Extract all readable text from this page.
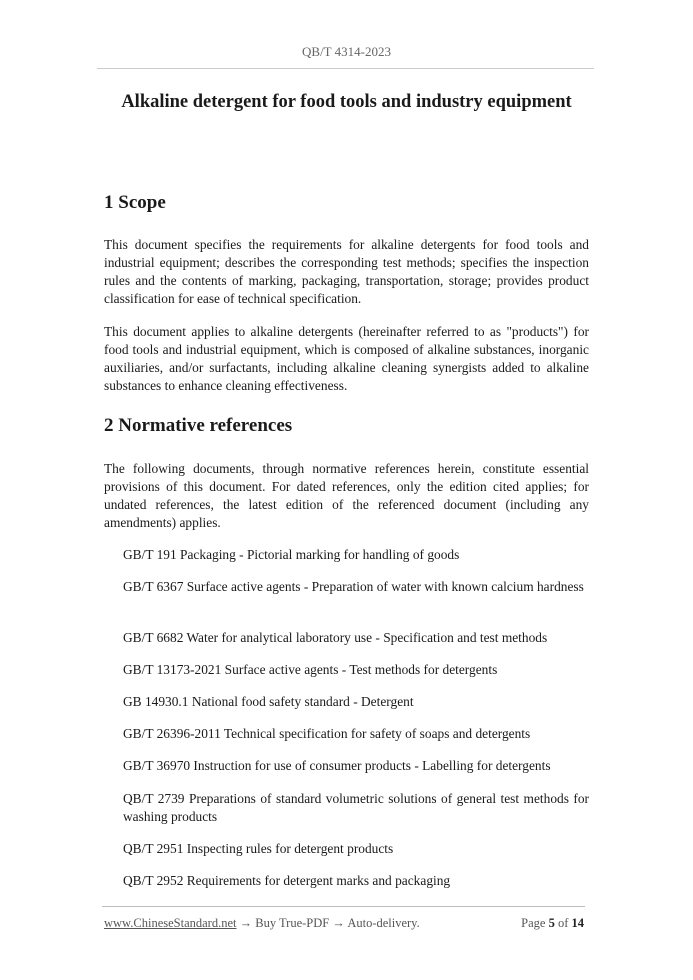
QB/T 4314-2023
Alkaline detergent for food tools and industry equipment
1 Scope

This document specifies the requirements for alkaline detergents for food tools and industrial equipment; describes the corresponding test methods; specifies the inspection rules and the contents of marking, packaging, transportation, storage; provides product classification for ease of technical specification.

This document applies to alkaline detergents (hereinafter referred to as "products") for food tools and industrial equipment, which is composed of alkaline substances, inorganic auxiliaries, and/or surfactants, including alkaline cleaning synergists added to alkaline substances to enhance cleaning effectiveness.

2 Normative references

The following documents, through normative references herein, constitute essential provisions of this document. For dated references, only the edition cited applies; for undated references, the latest edition of the referenced document (including any amendments) applies.

GB/T 191 Packaging - Pictorial marking for handling of goods

GB/T 6367 Surface active agents - Preparation of water with known calcium hardness

GB/T 6682 Water for analytical laboratory use - Specification and test methods

GB/T 13173-2021 Surface active agents - Test methods for detergents

GB 14930.1 National food safety standard - Detergent

GB/T 26396-2011 Technical specification for safety of soaps and detergents

GB/T 36970 Instruction for use of consumer products - Labelling for detergents

QB/T 2739 Preparations of standard volumetric solutions of general test methods for washing products

QB/T 2951 Inspecting rules for detergent products

QB/T 2952 Requirements for detergent marks and packaging

www.ChineseStandard.net → Buy True-PDF → Auto-delivery.	Page 5 of 14
